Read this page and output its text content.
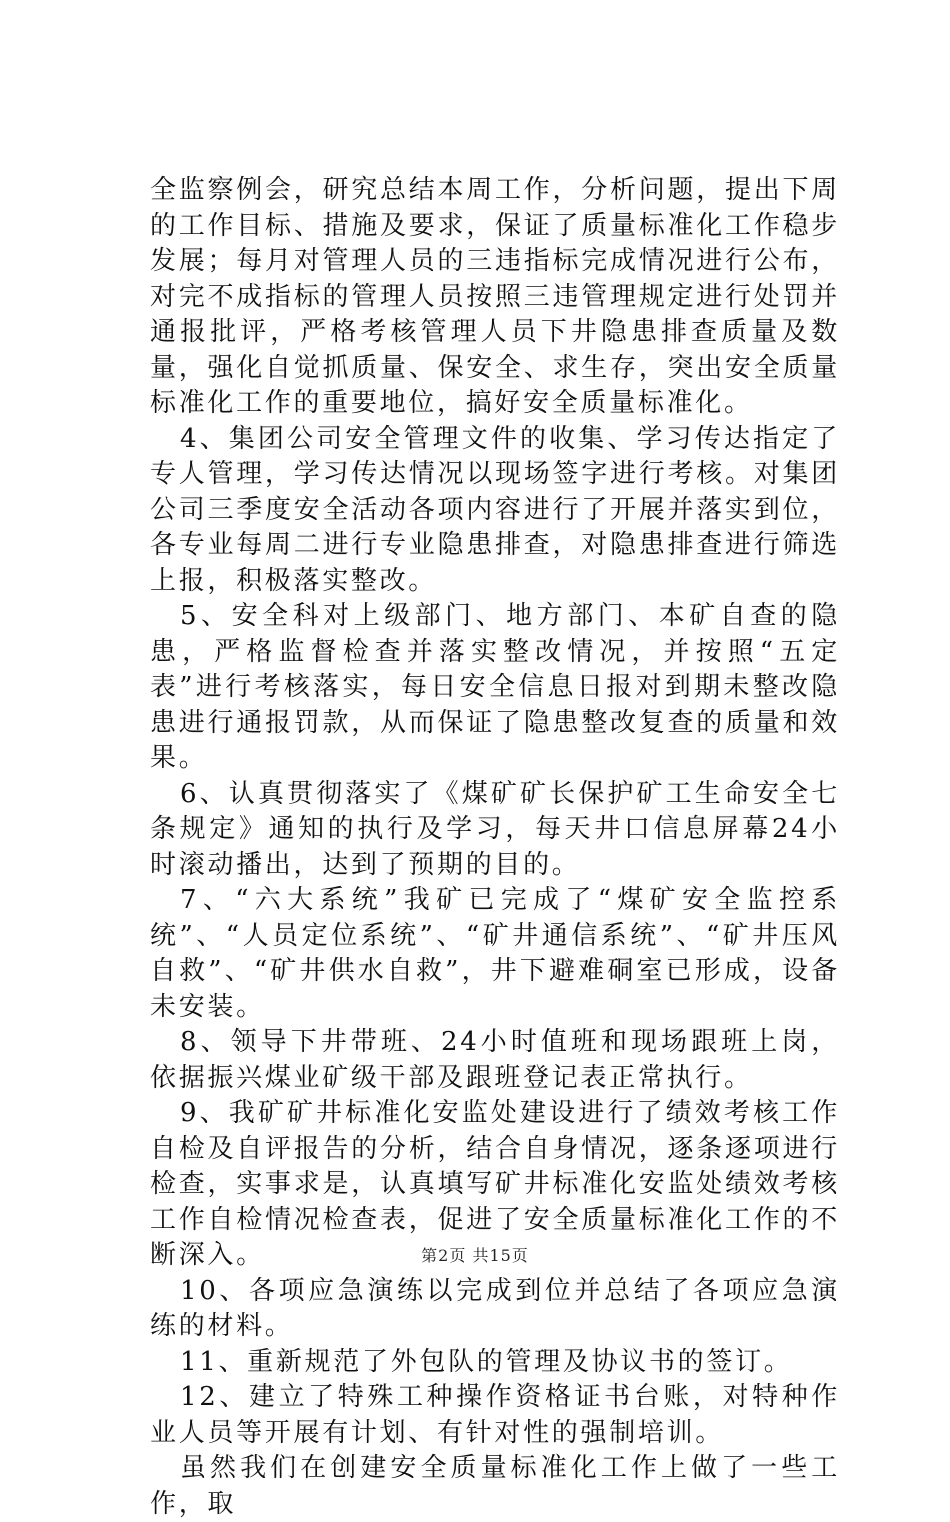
全监察例会，研究总结本周工作，分析问题，提出下周的工作目标、措施及要求，保证了质量标准化工作稳步发展；每月对管理人员的三违指标完成情况进行公布，对完不成指标的管理人员按照三违管理规定进行处罚并通报批评，严格考核管理人员下井隐患排查质量及数量，强化自觉抓质量、保安全、求生存，突出安全质量标准化工作的重要地位，搞好安全质量标准化。

4、集团公司安全管理文件的收集、学习传达指定了专人管理，学习传达情况以现场签字进行考核。对集团公司三季度安全活动各项内容进行了开展并落实到位，各专业每周二进行专业隐患排查，对隐患排查进行筛选上报，积极落实整改。

5、安全科对上级部门、地方部门、本矿自查的隐患，严格监督检查并落实整改情况，并按照“五定表”进行考核落实，每日安全信息日报对到期未整改隐患进行通报罚款，从而保证了隐患整改复查的质量和效果。

6、认真贯彻落实了《煤矿矿长保护矿工生命安全七条规定》通知的执行及学习，每天井口信息屏幕24小时滚动播出，达到了预期的目的。

7、“六大系统”我矿已完成了“煤矿安全监控系统”、“人员定位系统”、“矿井通信系统”、“矿井压风自救”、“矿井供水自救”，井下避难硐室已形成，设备未安装。

8、领导下井带班、24小时值班和现场跟班上岗，依据振兴煤业矿级干部及跟班登记表正常执行。

9、我矿矿井标准化安监处建设进行了绩效考核工作自检及自评报告的分析，结合自身情况，逐条逐项进行检查，实事求是，认真填写矿井标准化安监处绩效考核工作自检情况检查表，促进了安全质量标准化工作的不断深入。

10、各项应急演练以完成到位并总结了各项应急演练的材料。

11、重新规范了外包队的管理及协议书的签订。

12、建立了特殊工种操作资格证书台账，对特种作业人员等开展有计划、有针对性的强制培训。

虽然我们在创建安全质量标准化工作上做了一些工作，取

第2页 共15页
